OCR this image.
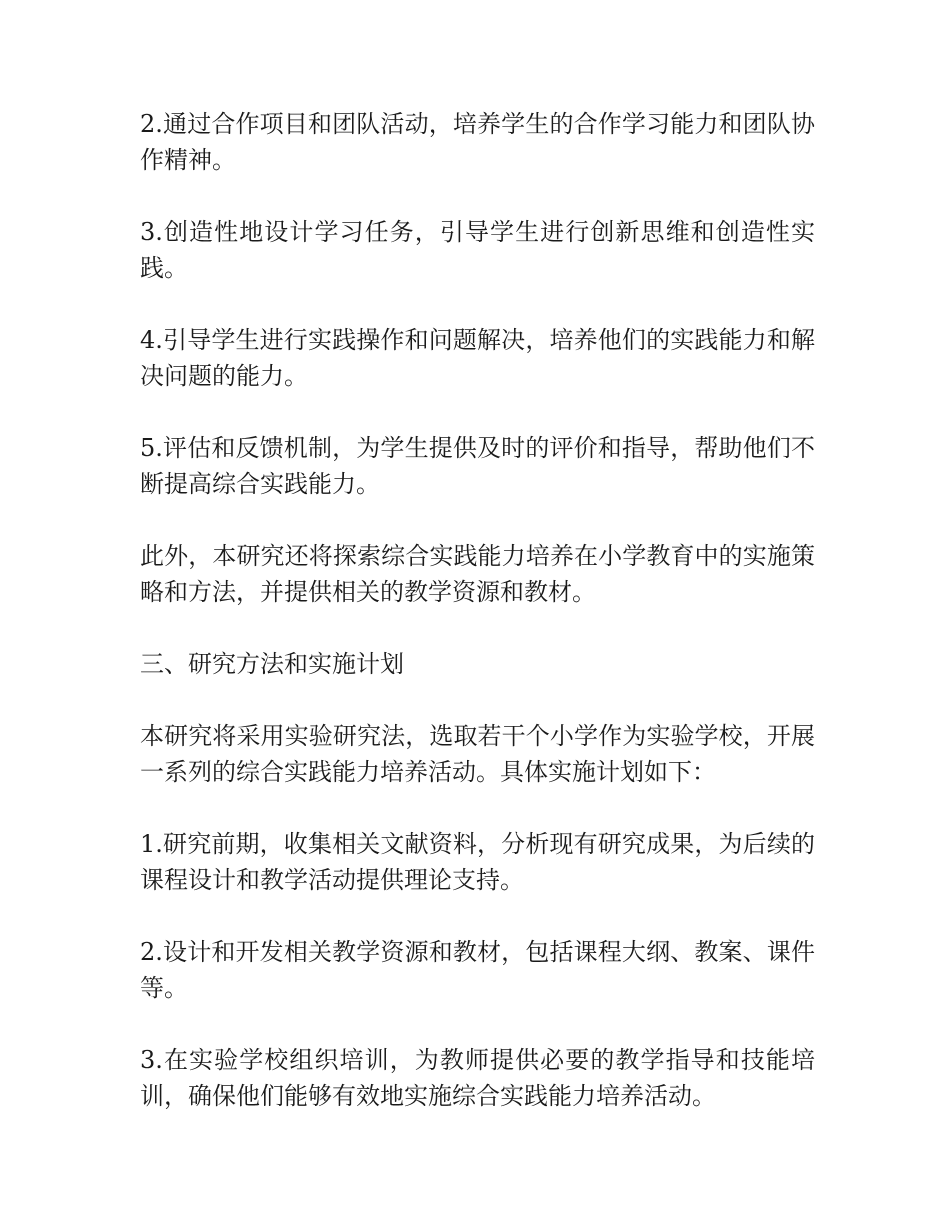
2.通过合作项目和团队活动，培养学生的合作学习能力和团队协作精神。

3.创造性地设计学习任务，引导学生进行创新思维和创造性实践。

4.引导学生进行实践操作和问题解决，培养他们的实践能力和解决问题的能力。

5.评估和反馈机制，为学生提供及时的评价和指导，帮助他们不断提高综合实践能力。

此外，本研究还将探索综合实践能力培养在小学教育中的实施策略和方法，并提供相关的教学资源和教材。

三、研究方法和实施计划

本研究将采用实验研究法，选取若干个小学作为实验学校，开展一系列的综合实践能力培养活动。具体实施计划如下：

1.研究前期，收集相关文献资料，分析现有研究成果，为后续的课程设计和教学活动提供理论支持。

2.设计和开发相关教学资源和教材，包括课程大纲、教案、课件等。

3.在实验学校组织培训，为教师提供必要的教学指导和技能培训，确保他们能够有效地实施综合实践能力培养活动。
